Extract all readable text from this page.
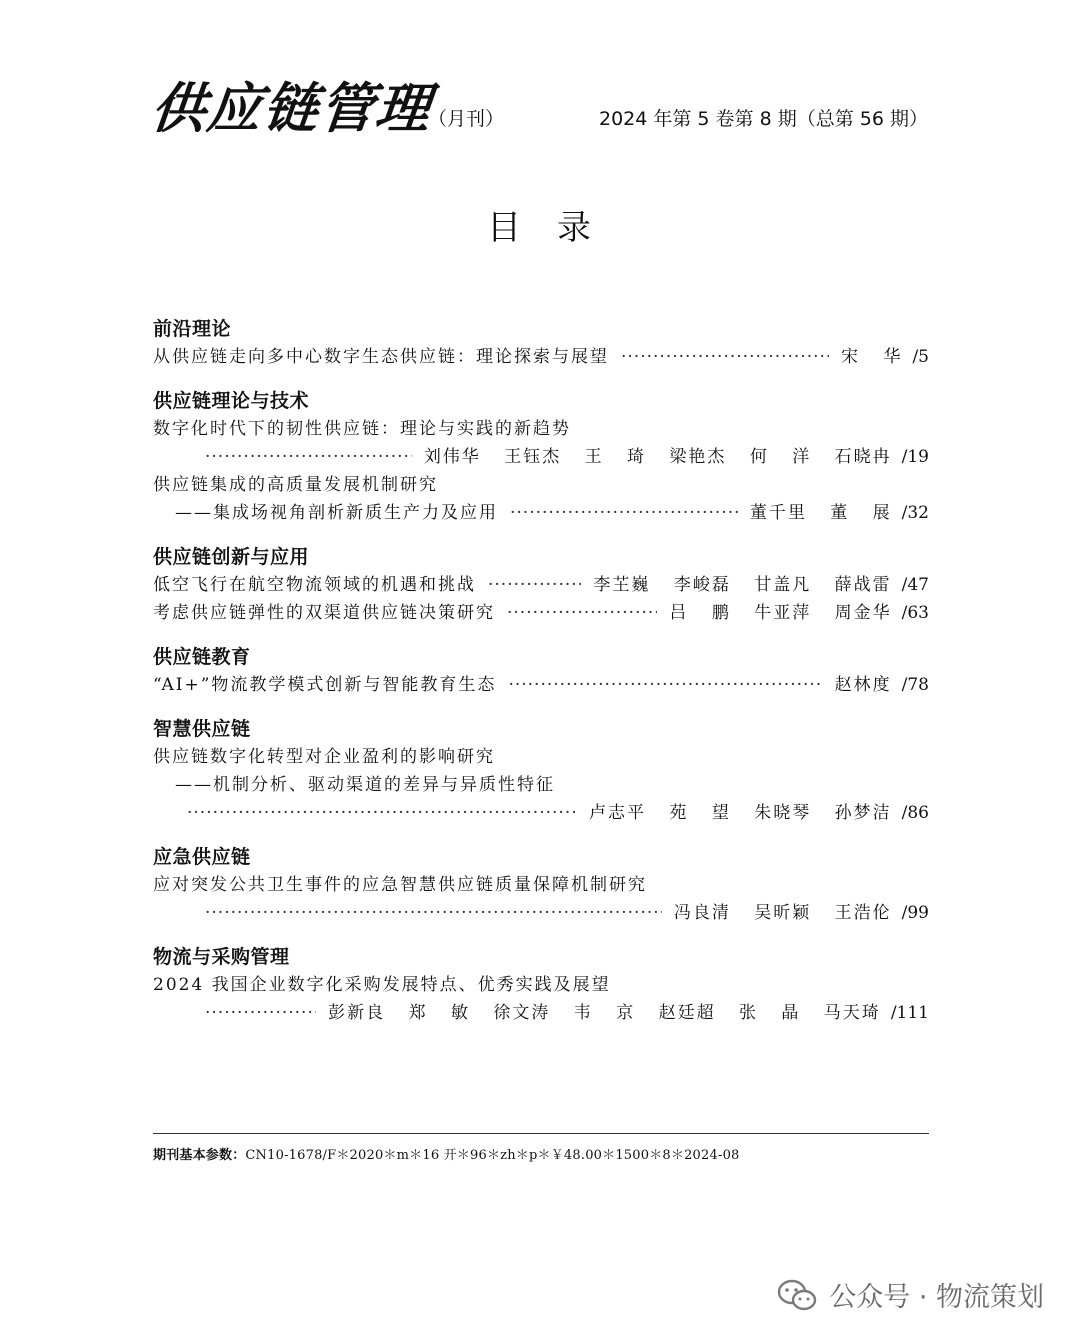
供应链管理
（月刊）	2024 年第 5 卷第 8 期（总第 56 期）
目录
前沿理论
从供应链走向多中心数字生态供应链：理论探索与展望 ·····	宋 华 /5
供应链理论与技术
数字化时代下的韧性供应链：理论与实践的新趋势
·····
刘伟华 王钰杰 王 琦 梁艳杰 何 洋 石晓冉 /19
供应链集成的高质量发展机制研究
——集成场视角剖析新质生产力及应用 ·····	董千里 董 展 /32
供应链创新与应用
低空飞行在航空物流领域的机遇和挑战 ·····	李芏巍 李峻磊 甘盖凡 薛战雷 /47
考虑供应链弹性的双渠道供应链决策研究 ·····	吕 鹏 牛亚萍 周金华 /63
供应链教育
“AI+”物流教学模式创新与智能教育生态 ·····	赵林度 /78
智慧供应链
供应链数字化转型对企业盈利的影响研究
——机制分析、驱动渠道的差异与异质性特征
·····
卢志平 苑 望 朱晓琴 孙梦洁 /86
应急供应链
应对突发公共卫生事件的应急智慧供应链质量保障机制研究
·····
冯良清 吴昕颖 王浩伦 /99
物流与采购管理
2024 我国企业数字化采购发展特点、优秀实践及展望
·····
彭新良 郑 敏 徐文涛 韦 京 赵廷超 张 晶 马天琦 /111
期刊基本参数：CN10-1678/F＊2020＊m＊16 开＊96＊zh＊p＊￥48.00＊1500＊8＊2024-08
公众号 · 物流策划
